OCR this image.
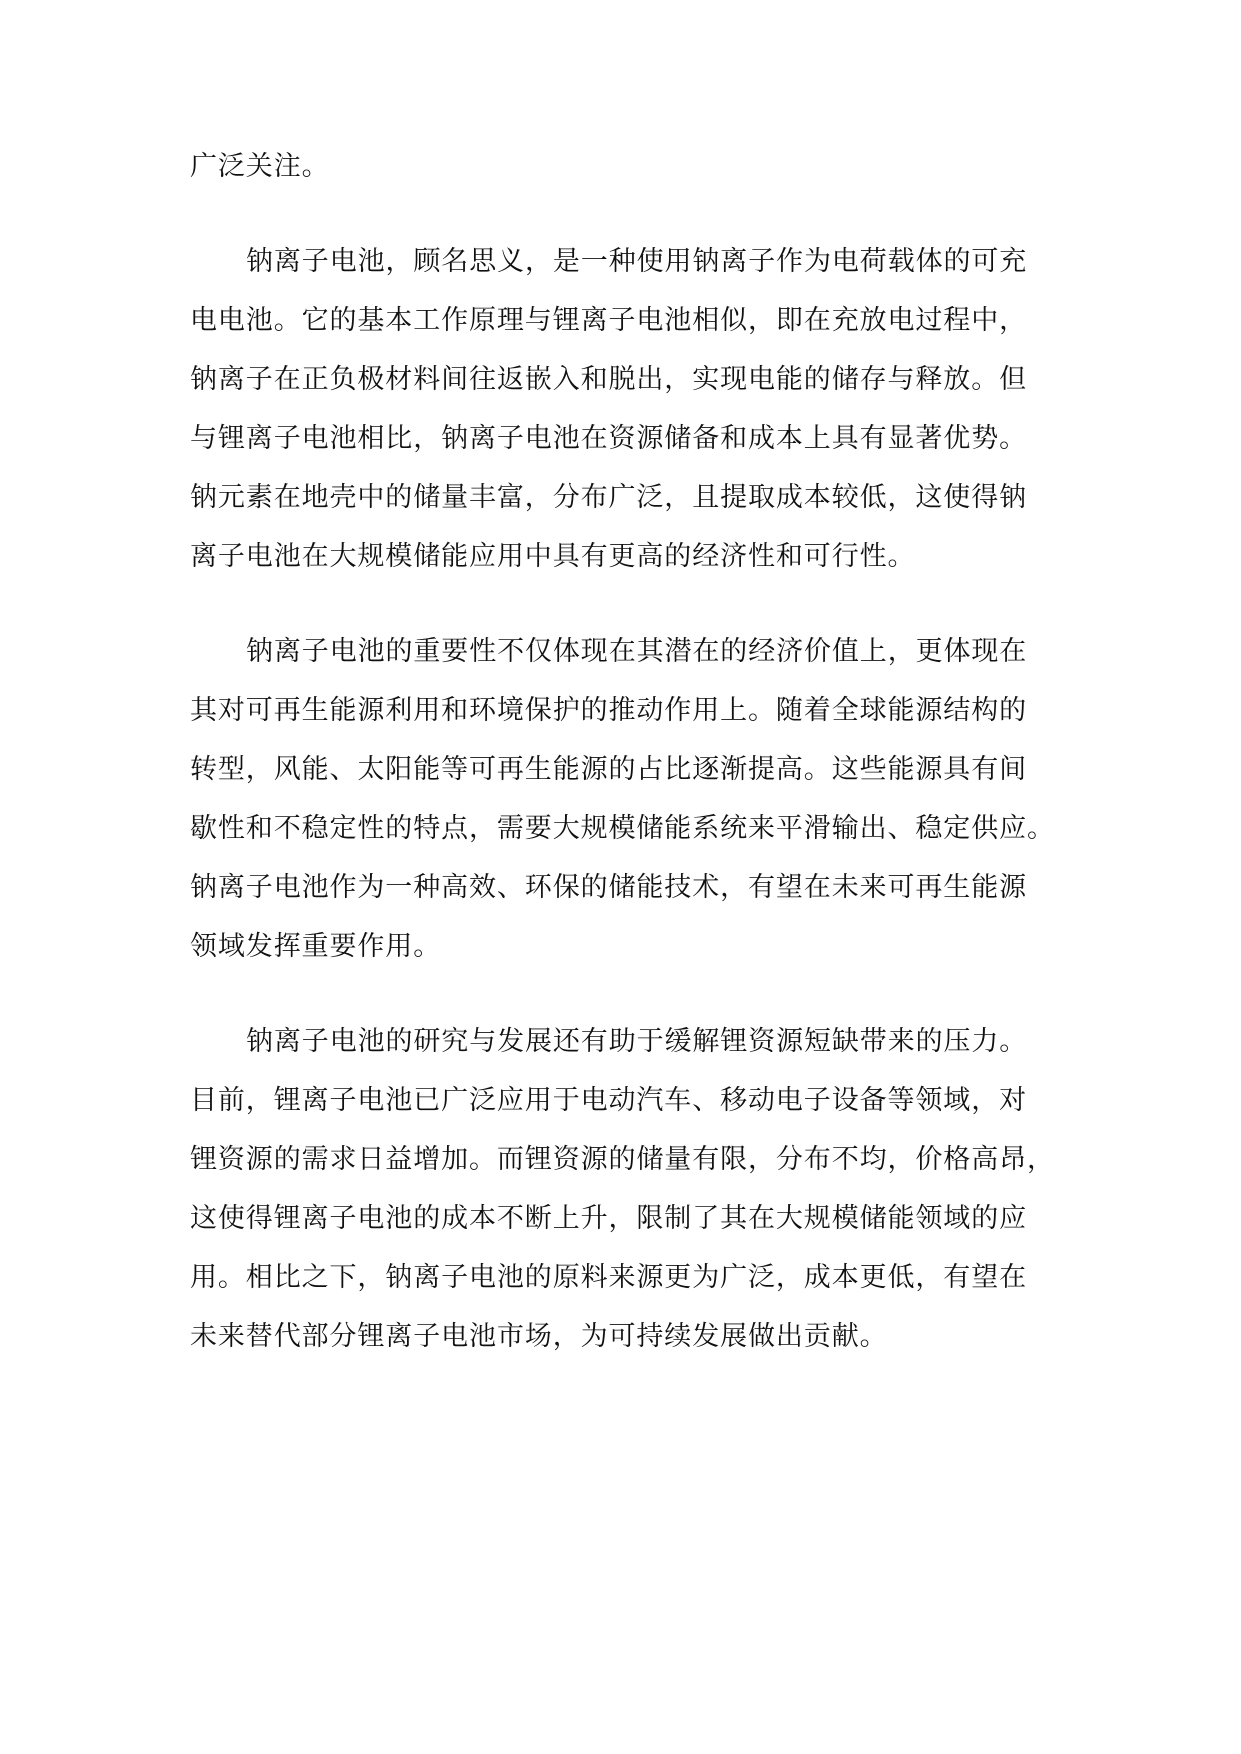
广泛关注。
钠离子电池，顾名思义，是一种使用钠离子作为电荷载体的可充
电电池。它的基本工作原理与锂离子电池相似，即在充放电过程中，
钠离子在正负极材料间往返嵌入和脱出，实现电能的储存与释放。但
与锂离子电池相比，钠离子电池在资源储备和成本上具有显著优势。
钠元素在地壳中的储量丰富，分布广泛，且提取成本较低，这使得钠
离子电池在大规模储能应用中具有更高的经济性和可行性。
钠离子电池的重要性不仅体现在其潜在的经济价值上，更体现在
其对可再生能源利用和环境保护的推动作用上。随着全球能源结构的
转型，风能、太阳能等可再生能源的占比逐渐提高。这些能源具有间
歇性和不稳定性的特点，需要大规模储能系统来平滑输出、稳定供应。
钠离子电池作为一种高效、环保的储能技术，有望在未来可再生能源
领域发挥重要作用。
钠离子电池的研究与发展还有助于缓解锂资源短缺带来的压力。
目前，锂离子电池已广泛应用于电动汽车、移动电子设备等领域，对
锂资源的需求日益增加。而锂资源的储量有限，分布不均，价格高昂，
这使得锂离子电池的成本不断上升，限制了其在大规模储能领域的应
用。相比之下，钠离子电池的原料来源更为广泛，成本更低，有望在
未来替代部分锂离子电池市场，为可持续发展做出贡献。
